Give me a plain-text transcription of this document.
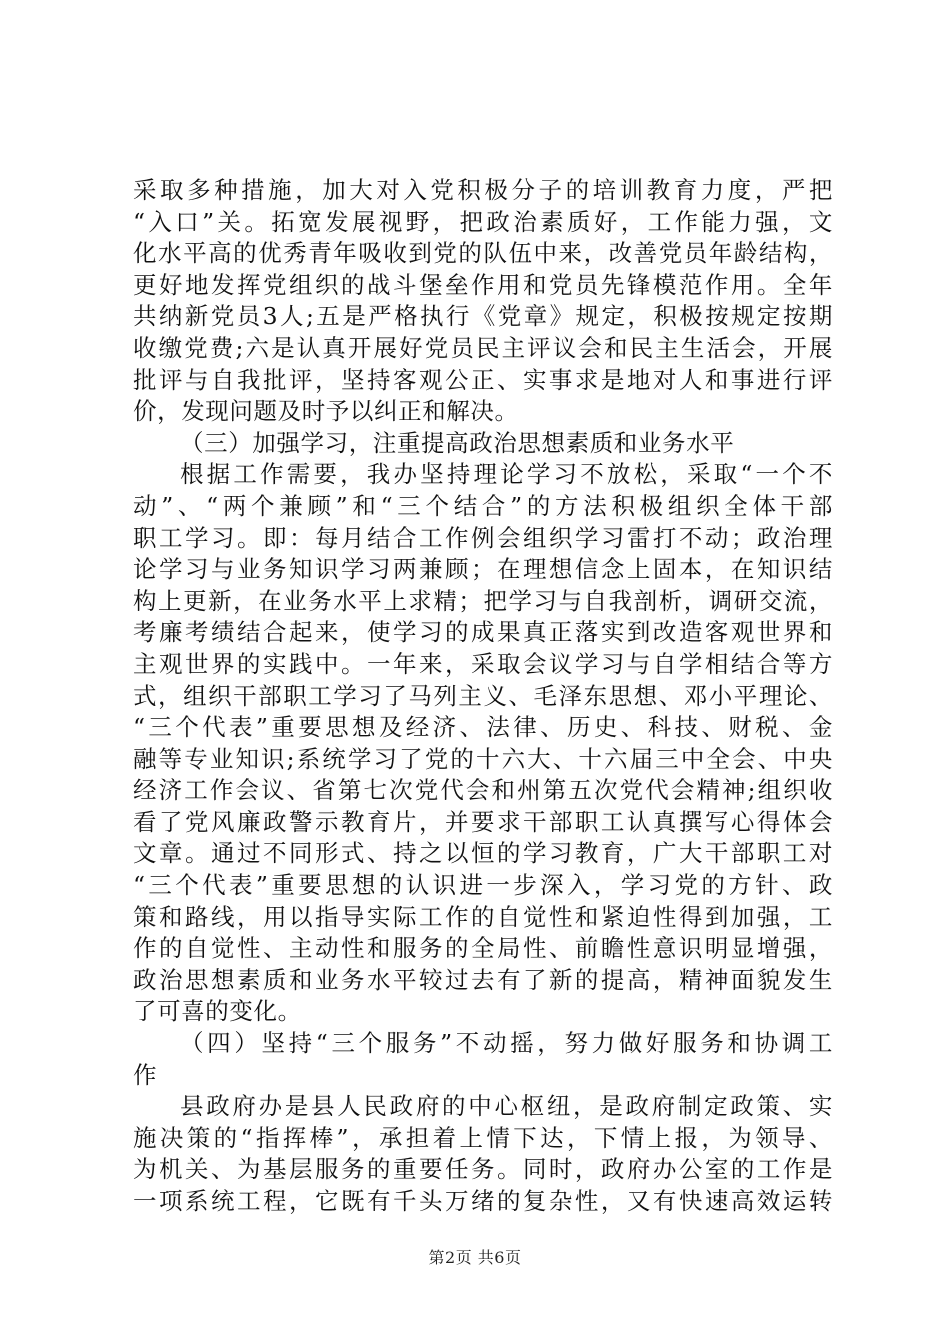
采取多种措施，加大对入党积极分子的培训教育力度，严把
“入口”关。拓宽发展视野，把政治素质好，工作能力强，文
化水平高的优秀青年吸收到党的队伍中来，改善党员年龄结构，
更好地发挥党组织的战斗堡垒作用和党员先锋模范作用。全年
共纳新党员3人;五是严格执行《党章》规定，积极按规定按期
收缴党费;六是认真开展好党员民主评议会和民主生活会，开展
批评与自我批评，坚持客观公正、实事求是地对人和事进行评
价，发现问题及时予以纠正和解决。
（三）加强学习，注重提高政治思想素质和业务水平
根据工作需要，我办坚持理论学习不放松，采取“一个不
动”、“两个兼顾”和“三个结合”的方法积极组织全体干部
职工学习。即：每月结合工作例会组织学习雷打不动；政治理
论学习与业务知识学习两兼顾；在理想信念上固本，在知识结
构上更新，在业务水平上求精；把学习与自我剖析，调研交流，
考廉考绩结合起来，使学习的成果真正落实到改造客观世界和
主观世界的实践中。一年来，采取会议学习与自学相结合等方
式，组织干部职工学习了马列主义、毛泽东思想、邓小平理论、
“三个代表”重要思想及经济、法律、历史、科技、财税、金
融等专业知识;系统学习了党的十六大、十六届三中全会、中央
经济工作会议、省第七次党代会和州第五次党代会精神;组织收
看了党风廉政警示教育片，并要求干部职工认真撰写心得体会
文章。通过不同形式、持之以恒的学习教育，广大干部职工对
“三个代表”重要思想的认识进一步深入，学习党的方针、政
策和路线，用以指导实际工作的自觉性和紧迫性得到加强，工
作的自觉性、主动性和服务的全局性、前瞻性意识明显增强，
政治思想素质和业务水平较过去有了新的提高，精神面貌发生
了可喜的变化。
（四）坚持“三个服务”不动摇，努力做好服务和协调工
作
县政府办是县人民政府的中心枢纽，是政府制定政策、实
施决策的“指挥棒”，承担着上情下达，下情上报，为领导、
为机关、为基层服务的重要任务。同时，政府办公室的工作是
一项系统工程，它既有千头万绪的复杂性，又有快速高效运转
第2页 共6页
